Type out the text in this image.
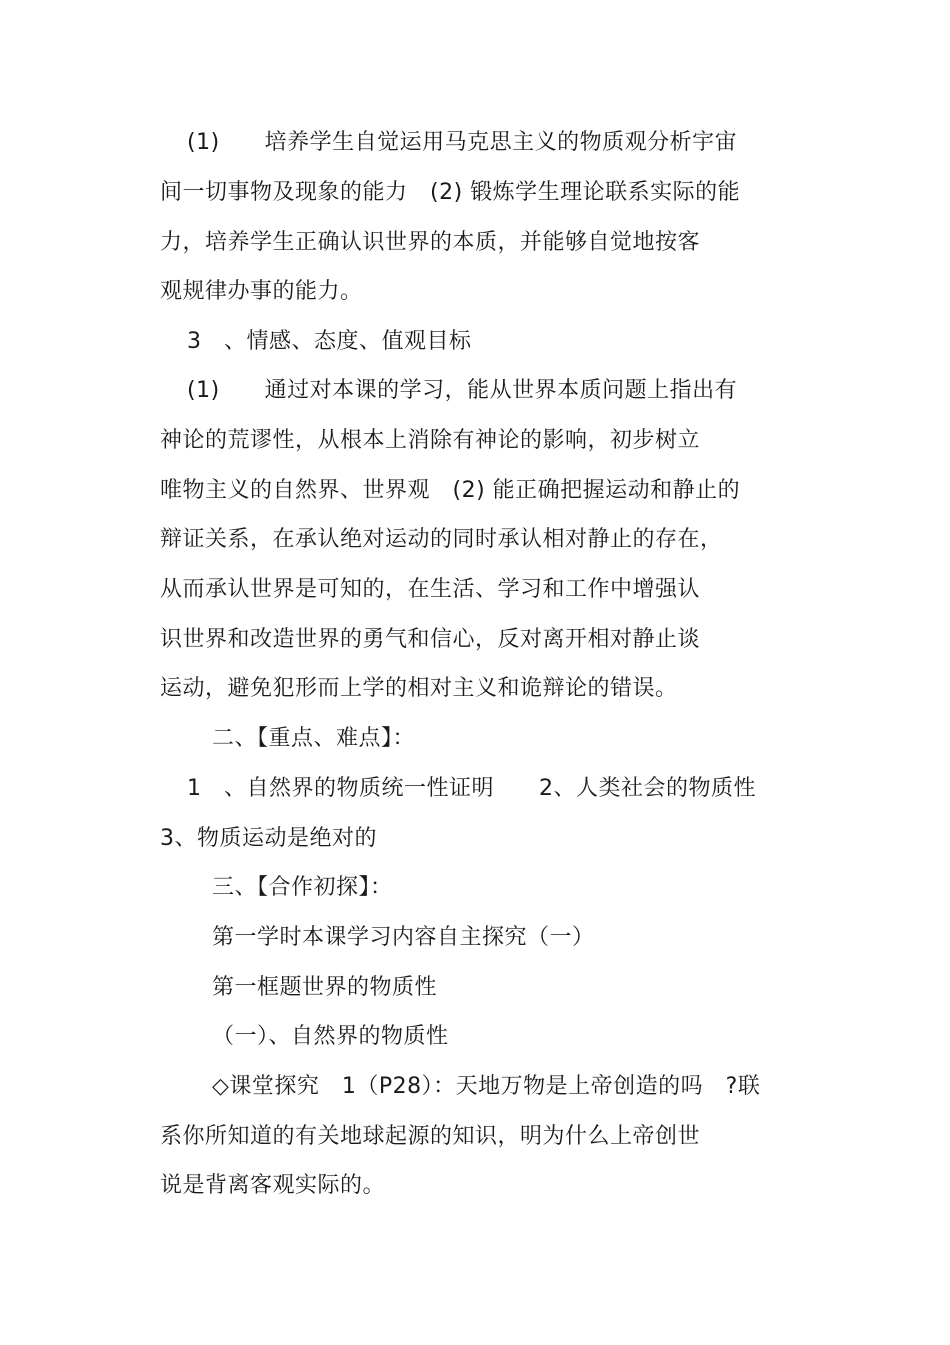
(1)　　培养学生自觉运用马克思主义的物质观分析宇宙
间一切事物及现象的能力　(2) 锻炼学生理论联系实际的能
力，培养学生正确认识世界的本质，并能够自觉地按客
观规律办事的能力。
3　、情感、态度、值观目标
(1)　　通过对本课的学习，能从世界本质问题上指出有
神论的荒谬性，从根本上消除有神论的影响，初步树立
唯物主义的自然界、世界观　(2) 能正确把握运动和静止的
辩证关系，在承认绝对运动的同时承认相对静止的存在，
从而承认世界是可知的，在生活、学习和工作中增强认
识世界和改造世界的勇气和信心，反对离开相对静止谈
运动，避免犯形而上学的相对主义和诡辩论的错误。
二、【重点、难点】：
1　、自然界的物质统一性证明　　2、人类社会的物质性
3、物质运动是绝对的
三、【合作初探】：
第一学时本课学习内容自主探究（一）
第一框题世界的物质性
（一）、自然界的物质性
◇课堂探究　1（P28）：天地万物是上帝创造的吗　?联
系你所知道的有关地球起源的知识，明为什么上帝创世
说是背离客观实际的。
